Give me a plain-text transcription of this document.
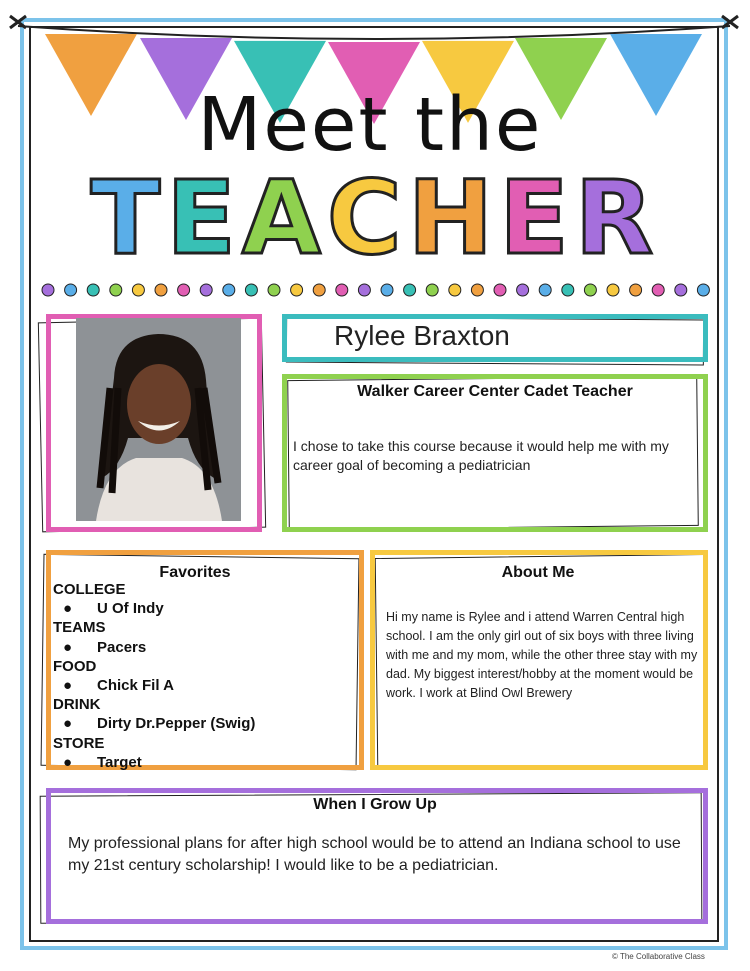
Meet the
TEACHER
Rylee Braxton
Walker Career Center Cadet Teacher
I chose to take this course because it would help me with my career goal of becoming a pediatrician
Favorites
COLLEGE
● U Of Indy
TEAMS
● Pacers
FOOD
● Chick Fil A
DRINK
● Dirty Dr.Pepper (Swig)
STORE
● Target
About Me
Hi my name is Rylee and i attend Warren Central high school. I am the only girl out of six boys with three living with me and my mom, while the other three stay with my dad. My biggest interest/hobby at the moment would be work. I work at Blind Owl Brewery
When I Grow Up
My professional plans for after high school would be to attend an Indiana school to use my 21st century scholarship! I would like to be a pediatrician.
© The Collaborative Class
